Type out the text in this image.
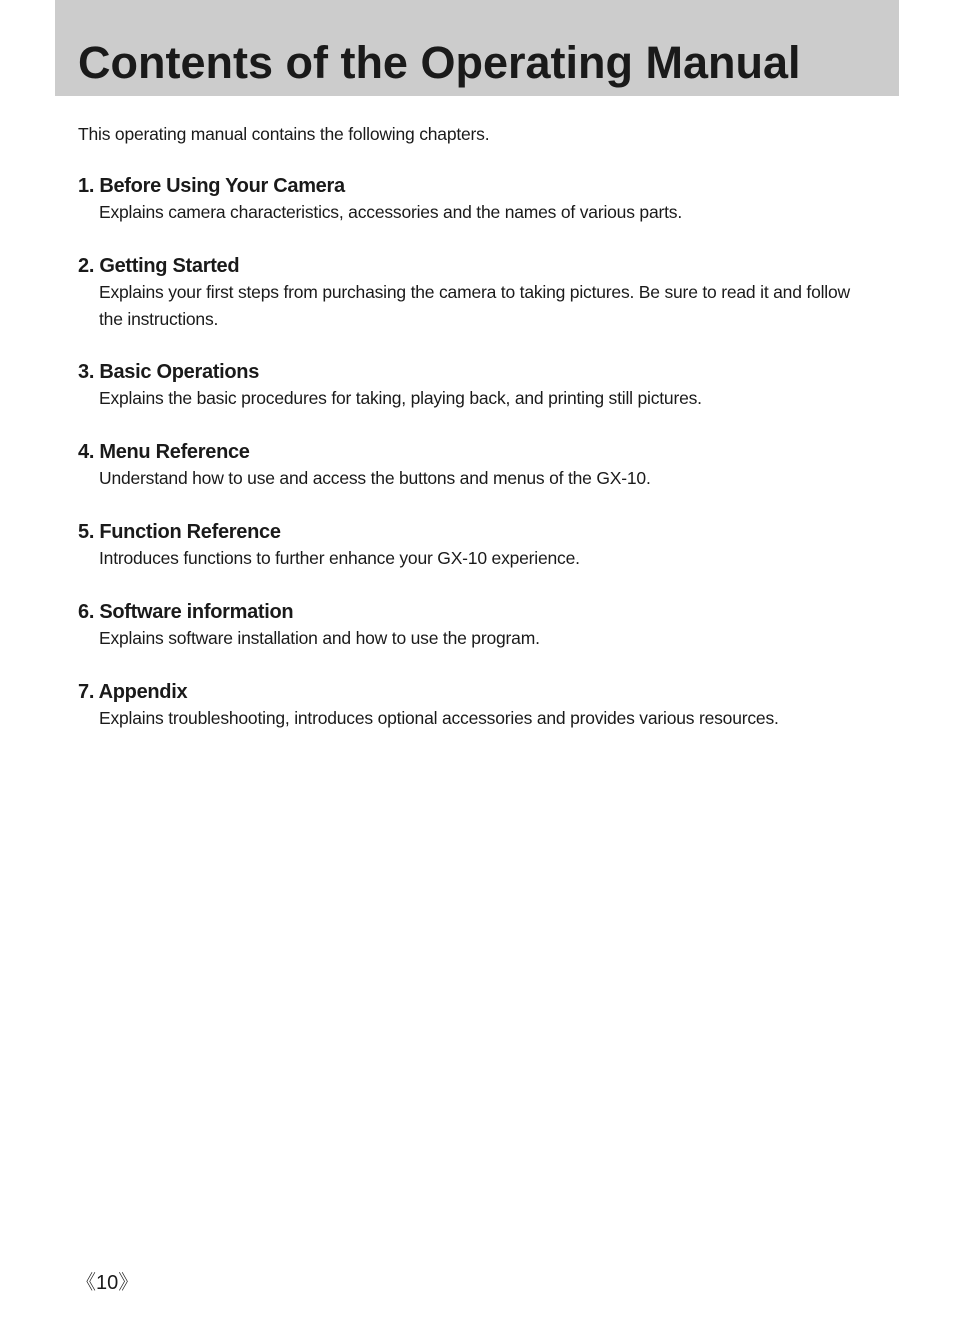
Contents of the Operating Manual

This operating manual contains the following chapters.

1. Before Using Your Camera

Explains camera characteristics, accessories and the names of various parts.

2. Getting Started

Explains your first steps from purchasing the camera to taking pictures. Be sure to read it and follow the instructions.

3. Basic Operations

Explains the basic procedures for taking, playing back, and printing still pictures.

4. Menu Reference

Understand how to use and access the buttons and menus of the GX-10.

5. Function Reference

Introduces functions to further enhance your GX-10 experience.

6. Software information

Explains software installation and how to use the program.

7. Appendix

Explains troubleshooting, introduces optional accessories and provides various resources.

《10》
